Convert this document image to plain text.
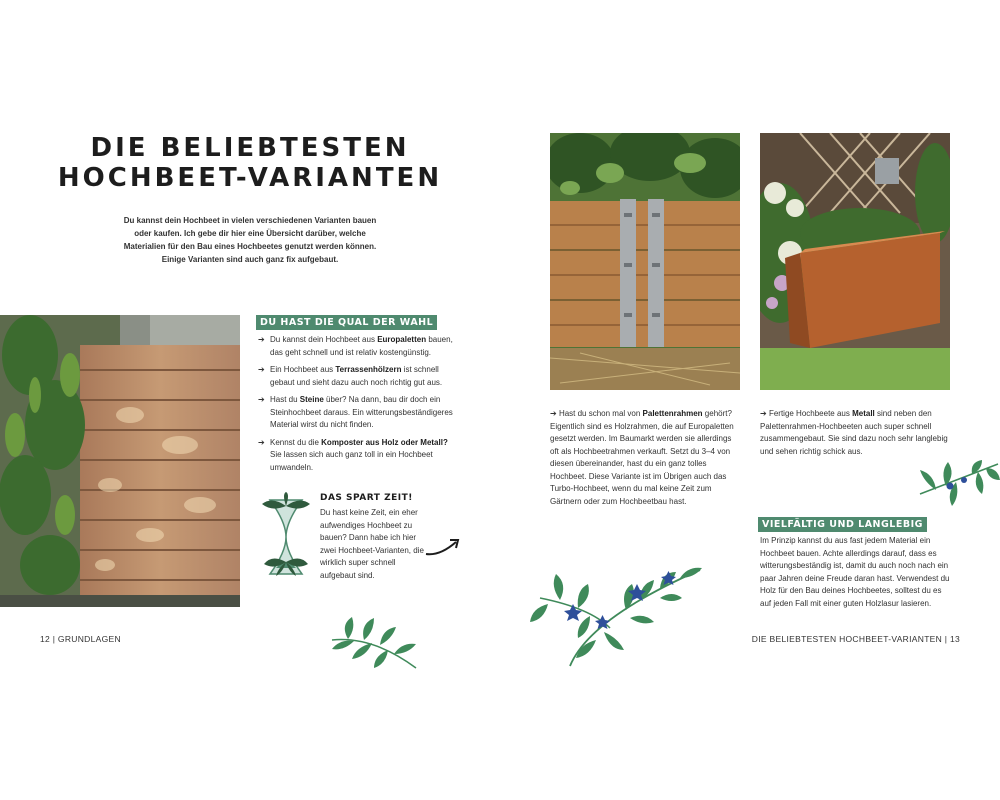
DIE BELIEBTESTEN
HOCHBEET-VARIANTEN
Du kannst dein Hochbeet in vielen verschiedenen Varianten bauen oder kaufen. Ich gebe dir hier eine Übersicht darüber, welche Materialien für den Bau eines Hochbeetes genutzt werden können. Einige Varianten sind auch ganz fix aufgebaut.
DU HAST DIE QUAL DER WAHL
➔ Du kannst dein Hochbeet aus Europaletten bauen, das geht schnell und ist relativ kostengünstig.
➔ Ein Hochbeet aus Terrassenhölzern ist schnell gebaut und sieht dazu auch noch richtig gut aus.
➔ Hast du Steine über? Na dann, bau dir doch ein Steinhochbeet daraus. Ein witterungsbeständigeres Material wirst du nicht finden.
➔ Kennst du die Komposter aus Holz oder Metall? Sie lassen sich auch ganz toll in ein Hochbeet umwandeln.
DAS SPART ZEIT!
Du hast keine Zeit, ein eher aufwendiges Hochbeet zu bauen? Dann habe ich hier zwei Hochbeet-Varianten, die wirklich super schnell aufgebaut sind.
12 | GRUNDLAGEN
➔ Hast du schon mal von Palettenrahmen gehört? Eigentlich sind es Holzrahmen, die auf Europaletten gesetzt werden. Im Baumarkt werden sie allerdings oft als Hochbeetrahmen verkauft. Setzt du 3–4 von diesen übereinander, hast du ein ganz tolles Hochbeet. Diese Variante ist im Übrigen auch das Turbo-Hochbeet, wenn du mal keine Zeit zum Gärtnern oder zum Hochbeetbau hast.
➔ Fertige Hochbeete aus Metall sind neben den Palettenrahmen-Hochbeeten auch super schnell zusammengebaut. Sie sind dazu noch sehr langlebig und sehen richtig schick aus.
VIELFÄLTIG UND LANGLEBIG
Im Prinzip kannst du aus fast jedem Material ein Hochbeet bauen. Achte allerdings darauf, dass es witterungsbeständig ist, damit du auch noch nach ein paar Jahren deine Freude daran hast. Verwendest du Holz für den Bau deines Hochbeetes, solltest du es auf jeden Fall mit einer guten Holzlasur lasieren.
DIE BELIEBTESTEN HOCHBEET-VARIANTEN | 13
